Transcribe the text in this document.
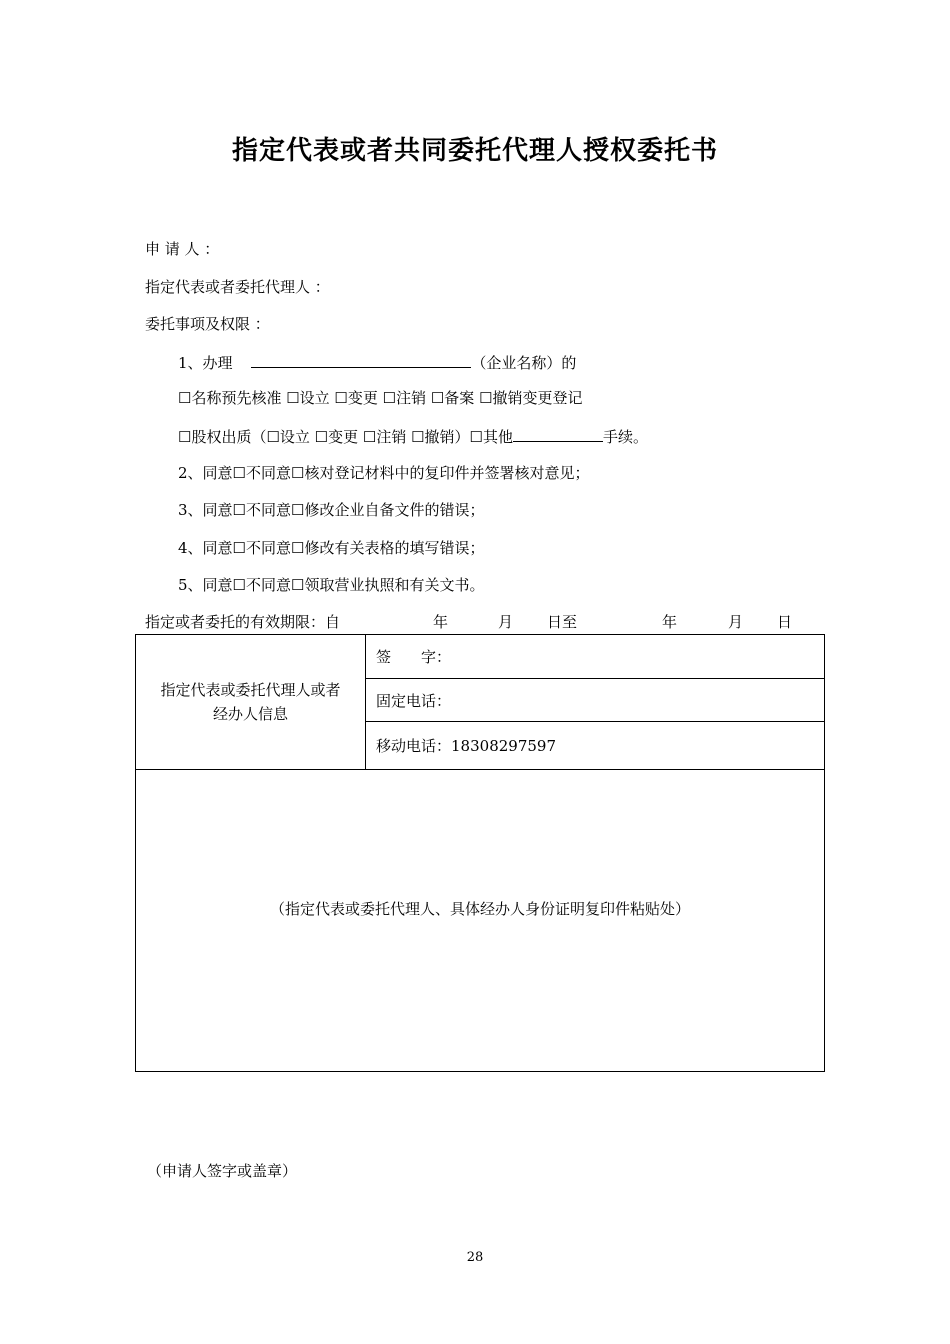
指定代表或者共同委托代理人授权委托书
申 请 人 ：
指定代表或者委托代理人 ：
委托事项及权限 ：
1、办理	（企业名称）的
☐名称预先核准 ☐设立 ☐变更 ☐注销 ☐备案 ☐撤销变更登记
☐股权出质（☐设立 ☐变更 ☐注销 ☐撤销）☐其他	手续。
2、同意☐不同意☐核对登记材料中的复印件并签署核对意见；
3、同意☐不同意☐修改企业自备文件的错误；
4、同意☐不同意☐修改有关表格的填写错误；
5、同意☐不同意☐领取营业执照和有关文书。
指定或者委托的有效期限：自	年	月 日至	年	月 日
指定代表或委托代理人或者
经办人信息
	签　　字：
固定电话：
移动电话：18308297597
（指定代表或委托代理人、具体经办人身份证明复印件粘贴处）
（申请人签字或盖章）
28
